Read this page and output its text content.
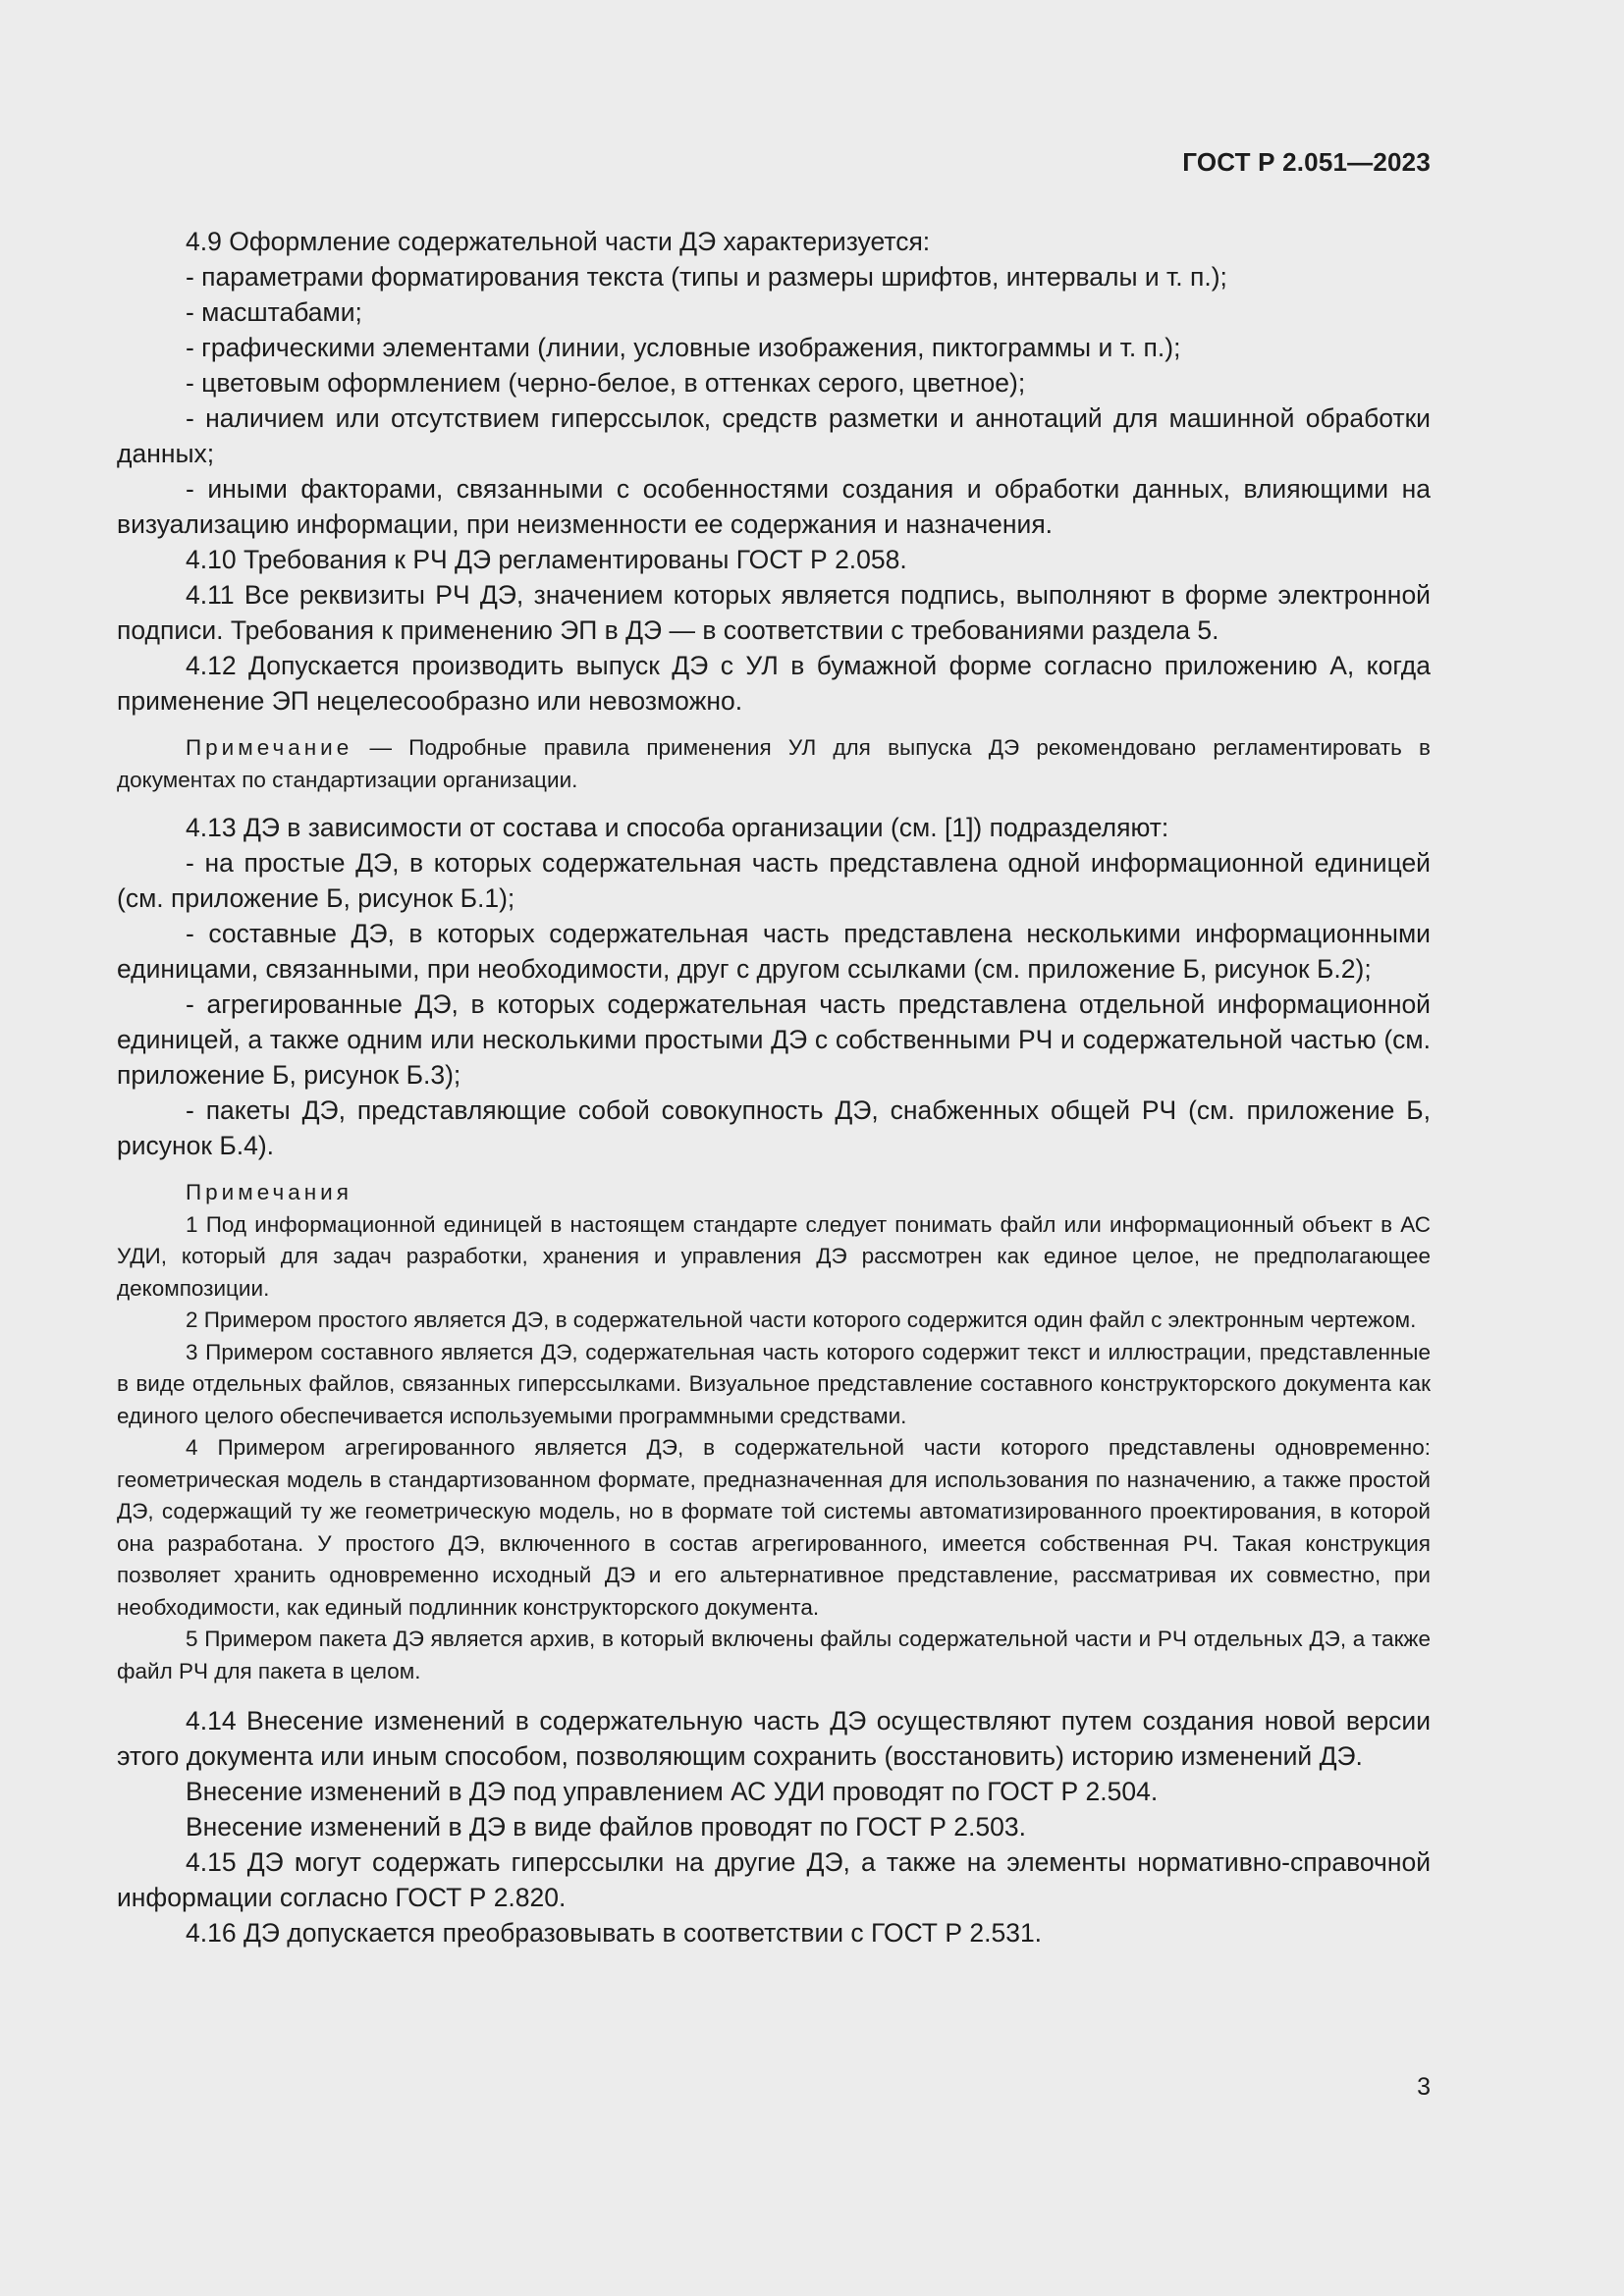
ГОСТ Р 2.051—2023

4.9 Оформление содержательной части ДЭ характеризуется:

- параметрами форматирования текста (типы и размеры шрифтов, интервалы и т. п.);

- масштабами;

- графическими элементами (линии, условные изображения, пиктограммы и т. п.);

- цветовым оформлением (черно-белое, в оттенках серого, цветное);

- наличием или отсутствием гиперссылок, средств разметки и аннотаций для машинной обработки данных;

- иными факторами, связанными с особенностями создания и обработки данных, влияющими на визуализацию информации, при неизменности ее содержания и назначения.

4.10 Требования к РЧ ДЭ регламентированы ГОСТ Р 2.058.

4.11 Все реквизиты РЧ ДЭ, значением которых является подпись, выполняют в форме электронной подписи. Требования к применению ЭП в ДЭ — в соответствии с требованиями раздела 5.

4.12 Допускается производить выпуск ДЭ с УЛ в бумажной форме согласно приложению А, когда применение ЭП нецелесообразно или невозможно.

Примечание — Подробные правила применения УЛ для выпуска ДЭ рекомендовано регламентировать в документах по стандартизации организации.

4.13 ДЭ в зависимости от состава и способа организации (см. [1]) подразделяют:

- на простые ДЭ, в которых содержательная часть представлена одной информационной единицей (см. приложение Б, рисунок Б.1);

- составные ДЭ, в которых содержательная часть представлена несколькими информационными единицами, связанными, при необходимости, друг с другом ссылками (см. приложение Б, рисунок Б.2);

- агрегированные ДЭ, в которых содержательная часть представлена отдельной информационной единицей, а также одним или несколькими простыми ДЭ с собственными РЧ и содержательной частью (см. приложение Б, рисунок Б.3);

- пакеты ДЭ, представляющие собой совокупность ДЭ, снабженных общей РЧ (см. приложение Б, рисунок Б.4).

Примечания

1 Под информационной единицей в настоящем стандарте следует понимать файл или информационный объект в АС УДИ, который для задач разработки, хранения и управления ДЭ рассмотрен как единое целое, не предполагающее декомпозиции.

2 Примером простого является ДЭ, в содержательной части которого содержится один файл с электронным чертежом.

3 Примером составного является ДЭ, содержательная часть которого содержит текст и иллюстрации, представленные в виде отдельных файлов, связанных гиперссылками. Визуальное представление составного конструкторского документа как единого целого обеспечивается используемыми программными средствами.

4 Примером агрегированного является ДЭ, в содержательной части которого представлены одновременно: геометрическая модель в стандартизованном формате, предназначенная для использования по назначению, а также простой ДЭ, содержащий ту же геометрическую модель, но в формате той системы автоматизированного проектирования, в которой она разработана. У простого ДЭ, включенного в состав агрегированного, имеется собственная РЧ. Такая конструкция позволяет хранить одновременно исходный ДЭ и его альтернативное представление, рассматривая их совместно, при необходимости, как единый подлинник конструкторского документа.

5 Примером пакета ДЭ является архив, в который включены файлы содержательной части и РЧ отдельных ДЭ, а также файл РЧ для пакета в целом.

4.14 Внесение изменений в содержательную часть ДЭ осуществляют путем создания новой версии этого документа или иным способом, позволяющим сохранить (восстановить) историю изменений ДЭ.

Внесение изменений в ДЭ под управлением АС УДИ проводят по ГОСТ Р 2.504.

Внесение изменений в ДЭ в виде файлов проводят по ГОСТ Р 2.503.

4.15 ДЭ могут содержать гиперссылки на другие ДЭ, а также на элементы нормативно-справочной информации согласно ГОСТ Р 2.820.

4.16 ДЭ допускается преобразовывать в соответствии с ГОСТ Р 2.531.

3
